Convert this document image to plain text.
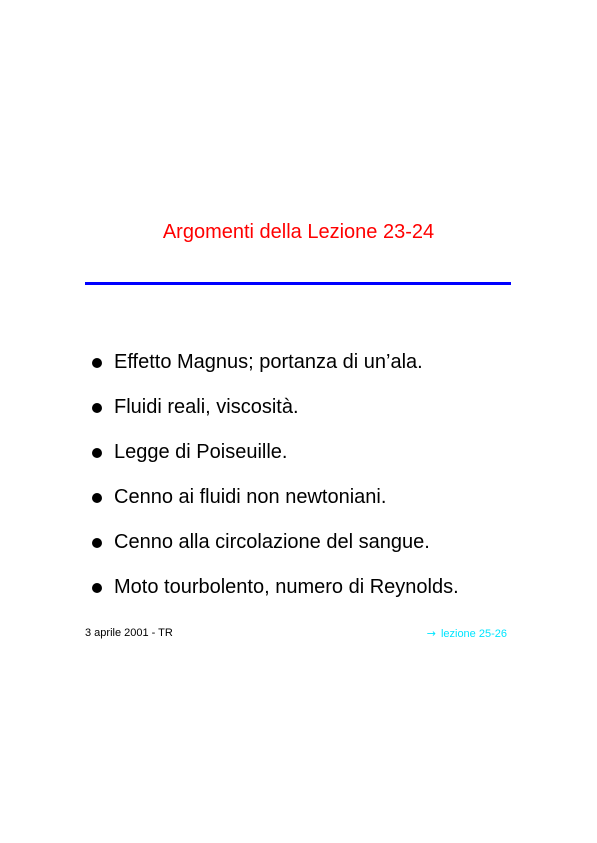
Argomenti della Lezione 23-24
Effetto Magnus; portanza di un’ala.
Fluidi reali, viscosità.
Legge di Poiseuille.
Cenno ai fluidi non newtoniani.
Cenno alla circolazione del sangue.
Moto tourbolento, numero di Reynolds.
3 aprile 2001 - TR	→ lezione 25-26
